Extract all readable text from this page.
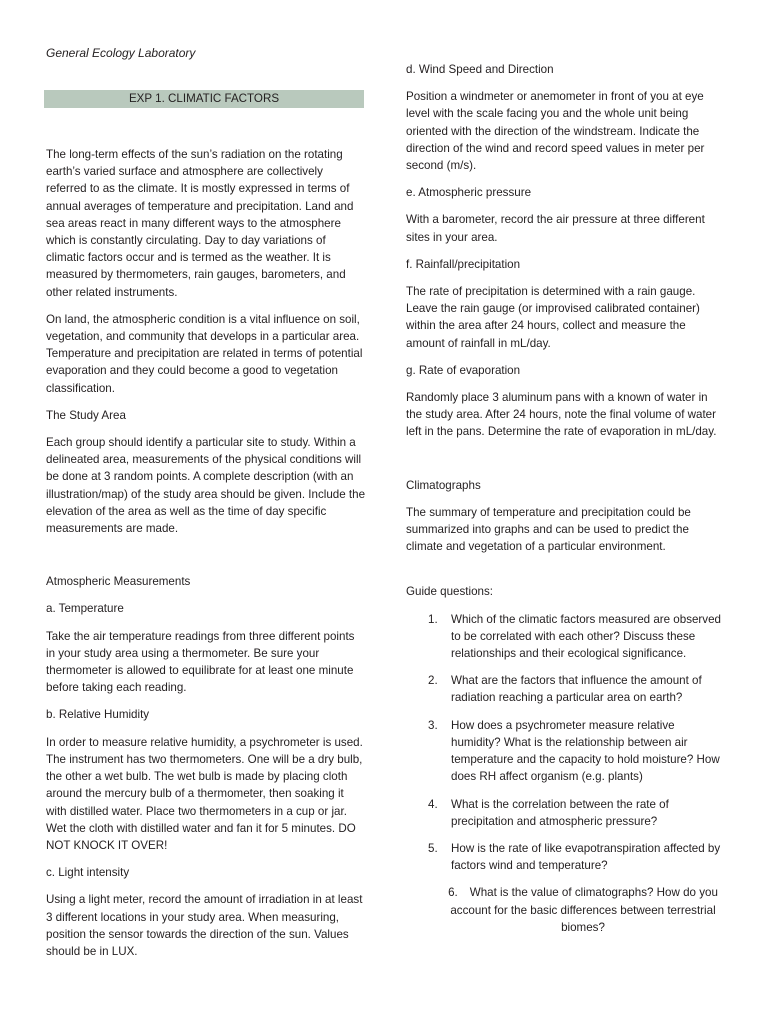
General Ecology Laboratory
EXP 1. CLIMATIC FACTORS

The long-term effects of the sun’s radiation on the rotating earth’s varied surface and atmosphere are collectively referred to as the climate. It is mostly expressed in terms of annual averages of temperature and precipitation. Land and sea areas react in many different ways to the atmosphere which is constantly circulating. Day to day variations of climatic factors occur and is termed as the weather. It is measured by thermometers, rain gauges, barometers, and other related instruments.

On land, the atmospheric condition is a vital influence on soil, vegetation, and community that develops in a particular area. Temperature and precipitation are related in terms of potential evaporation and they could become a good to vegetation classification.

The Study Area

Each group should identify a particular site to study. Within a delineated area, measurements of the physical conditions will be done at 3 random points. A complete description (with an illustration/map) of the study area should be given. Include the elevation of the area as well as the time of day specific measurements are made.

Atmospheric Measurements

a. Temperature

Take the air temperature readings from three different points in your study area using a thermometer. Be sure your thermometer is allowed to equilibrate for at least one minute before taking each reading.

b. Relative Humidity

In order to measure relative humidity, a psychrometer is used. The instrument has two thermometers. One will be a dry bulb, the other a wet bulb. The wet bulb is made by placing cloth around the mercury bulb of a thermometer, then soaking it with distilled water. Place two thermometers in a cup or jar. Wet the cloth with distilled water and fan it for 5 minutes. DO NOT KNOCK IT OVER!

c. Light intensity

Using a light meter, record the amount of irradiation in at least 3 different locations in your study area. When measuring, position the sensor towards the direction of the sun. Values should be in LUX.

d. Wind Speed and Direction

Position a windmeter or anemometer in front of you at eye level with the scale facing you and the whole unit being oriented with the direction of the windstream. Indicate the direction of the wind and record speed values in meter per second (m/s).

e. Atmospheric pressure

With a barometer, record the air pressure at three different sites in your area.

f. Rainfall/precipitation

The rate of precipitation is determined with a rain gauge. Leave the rain gauge (or improvised calibrated container) within the area after 24 hours, collect and measure the amount of rainfall in mL/day.

g. Rate of evaporation

Randomly place 3 aluminum pans with a known of water in the study area. After 24 hours, note the final volume of water left in the pans. Determine the rate of evaporation in mL/day.

Climatographs

The summary of temperature and precipitation could be summarized into graphs and can be used to predict the climate and vegetation of a particular environment.

Guide questions:

1. Which of the climatic factors measured are observed to be correlated with each other? Discuss these relationships and their ecological significance.
2. What are the factors that influence the amount of radiation reaching a particular area on earth?
3. How does a psychrometer measure relative humidity? What is the relationship between air temperature and the capacity to hold moisture? How does RH affect organism (e.g. plants)
4. What is the correlation between the rate of precipitation and atmospheric pressure?
5. How is the rate of like evapotranspiration affected by factors wind and temperature?
6. What is the value of climatographs? How do you account for the basic differences between terrestrial biomes?
